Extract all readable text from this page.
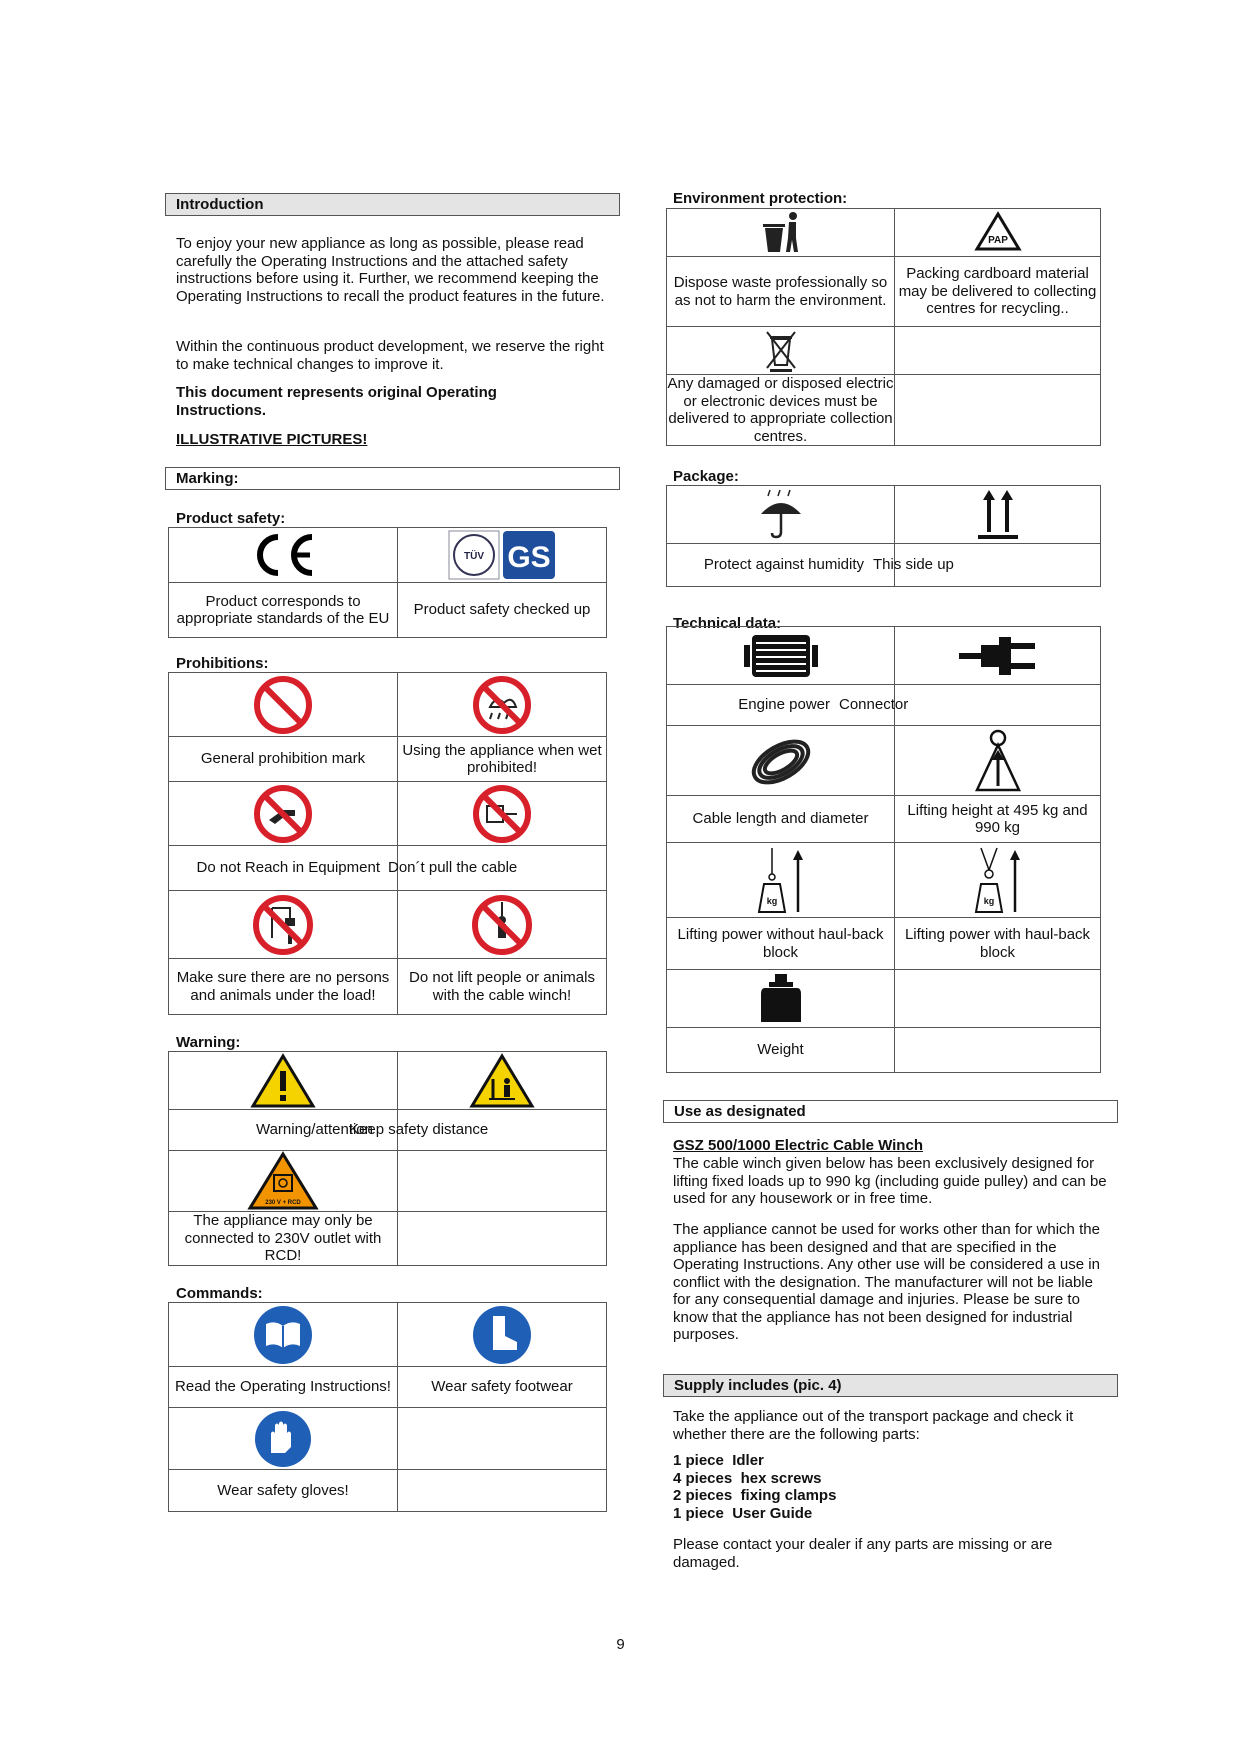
Introduction
To enjoy your new appliance as long as possible, please read carefully the Operating Instructions and the attached safety instructions before using it. Further, we recommend keeping the Operating Instructions to recall the product features in the future.
Within the continuous product development, we reserve the right to make technical changes to improve it.
This document represents original Operating Instructions.
ILLUSTRATIVE PICTURES!
Marking:
Product safety:

TÜV GS

Product corresponds to appropriate standards of the EU	Product safety checked up
Prohibitions:

General prohibition mark	Using the appliance when wet prohibited!

Do not Reach in Equipment	Don´t pull the cable

Make sure there are no persons and animals under the load!	Do not lift people or animals with the cable winch!
Warning:

Warning/attention	Keep safety distance

230 V + RCD	

The appliance may only be connected to 230V outlet with RCD!	
Commands:

Read the Operating Instructions!	Wear safety footwear

Wear safety gloves!	
Environment protection:

PAP

Dispose waste professionally so as not to harm the environment.	Packing cardboard material may be delivered to collecting centres for recycling..

Any damaged or disposed electric or electronic devices must be delivered to appropriate collection centres.	
Package:

Protect against humidity	This side up
Technical data:

Engine power	Connector

Cable length and diameter	Lifting height at 495 kg and 990 kg

kg	kg

Lifting power without haul-back block	Lifting power with haul-back block

Weight	
Use as designated
GSZ 500/1000 Electric Cable Winch
The cable winch given below has been exclusively designed for lifting fixed loads up to 990 kg (including guide pulley) and can be used for any housework or in free time.
The appliance cannot be used for works other than for which the appliance has been designed and that are specified in the Operating Instructions. Any other use will be considered a use in conflict with the designation. The manufacturer will not be liable for any consequential damage and injuries. Please be sure to know that the appliance has not been designed for industrial purposes.
Supply includes (pic. 4)
Take the appliance out of the transport package and check it whether there are the following parts:
1 piece Idler
4 pieces hex screws
2 pieces fixing clamps
1 piece User Guide
Please contact your dealer if any parts are missing or are damaged.
9
